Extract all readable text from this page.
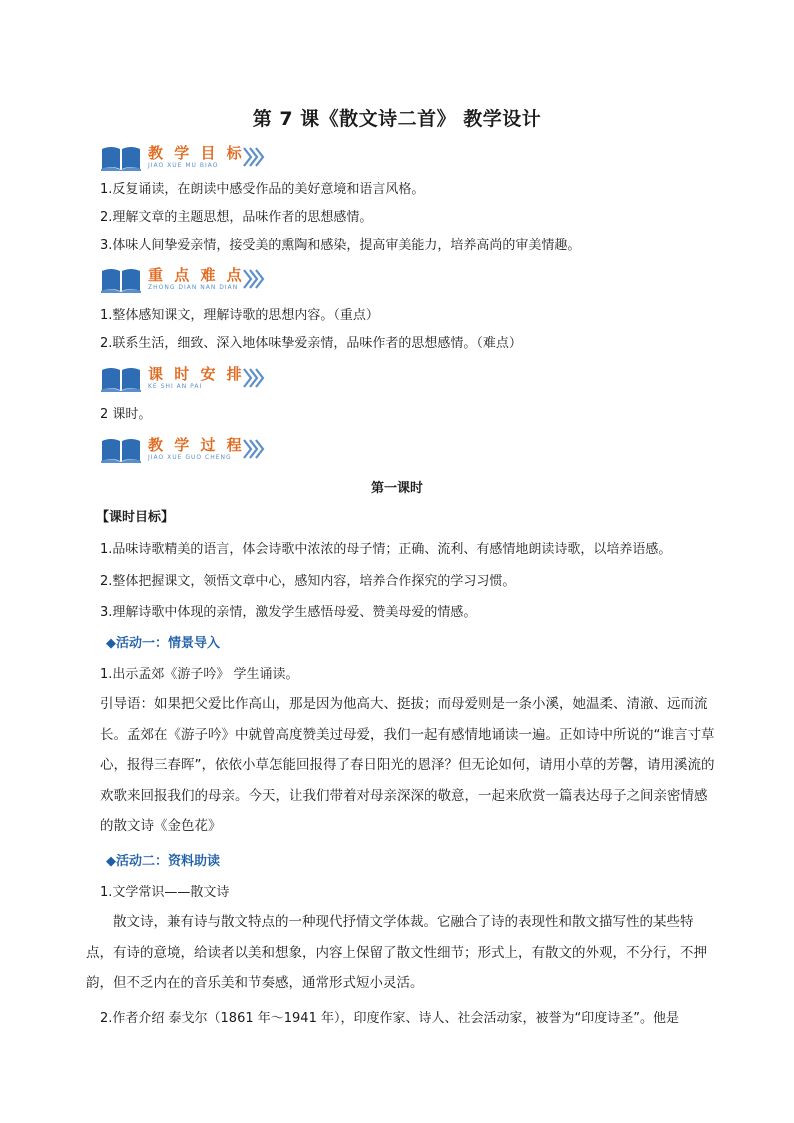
第 7 课《散文诗二首》 教学设计
教 学 目 标
JIAO XUE MU BIAO
1.反复诵读，在朗读中感受作品的美好意境和语言风格。
2.理解文章的主题思想，品味作者的思想感情。
3.体味人间挚爱亲情，接受美的熏陶和感染，提高审美能力，培养高尚的审美情趣。
重 点 难 点
ZHONG DIAN NAN DIAN
1.整体感知课文，理解诗歌的思想内容。（重点）
2.联系生活，细致、深入地体味挚爱亲情，品味作者的思想感情。（难点）
课 时 安 排
KE SHI AN PAI
2 课时。
教 学 过 程
JIAO XUE GUO CHENG
第一课时
【课时目标】
1.品味诗歌精美的语言，体会诗歌中浓浓的母子情；正确、流利、有感情地朗读诗歌，以培养语感。
2.整体把握课文，领悟文章中心，感知内容，培养合作探究的学习习惯。
3.理解诗歌中体现的亲情，激发学生感悟母爱、赞美母爱的情感。
◆活动一：情景导入
1.出示孟郊《游子吟》 学生诵读。
引导语：如果把父爱比作高山，那是因为他高大、挺拔；而母爱则是一条小溪，她温柔、清澈、远而流长。孟郊在《游子吟》中就曾高度赞美过母爱，我们一起有感情地诵读一遍。正如诗中所说的“谁言寸草心，报得三春晖”，依依小草怎能回报得了春日阳光的恩泽？但无论如何，请用小草的芳馨，请用溪流的欢歌来回报我们的母亲。今天，让我们带着对母亲深深的敬意，一起来欣赏一篇表达母子之间亲密情感的散文诗《金色花》
◆活动二：资料助读
1.文学常识——散文诗
散文诗，兼有诗与散文特点的一种现代抒情文学体裁。它融合了诗的表现性和散文描写性的某些特点，有诗的意境，给读者以美和想象，内容上保留了散文性细节；形式上，有散文的外观，不分行，不押韵，但不乏内在的音乐美和节奏感，通常形式短小灵活。
2.作者介绍 泰戈尔（1861 年～1941 年），印度作家、诗人、社会活动家，被誉为“印度诗圣”。他是
